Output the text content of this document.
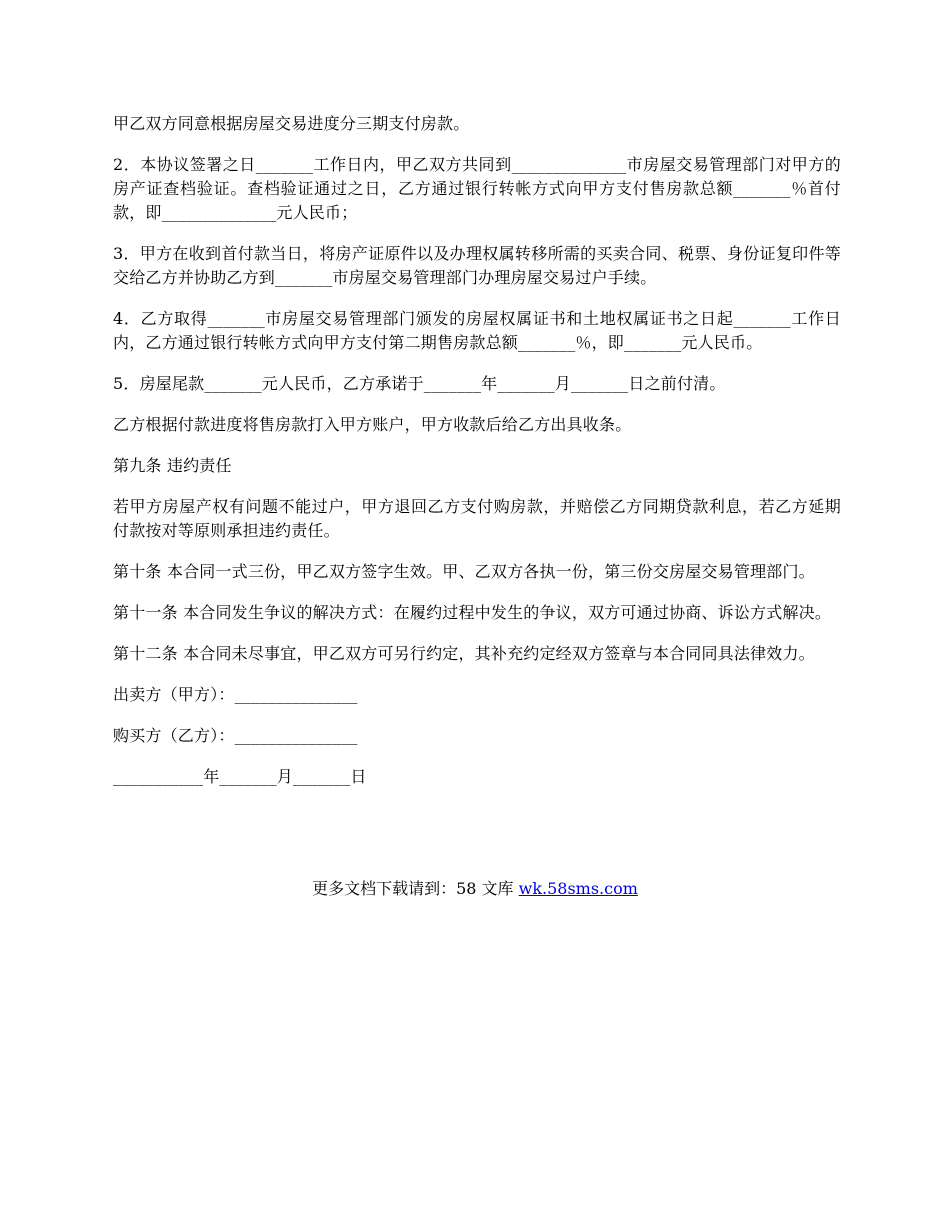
甲乙双方同意根据房屋交易进度分三期支付房款。

2．本协议签署之日_______工作日内，甲乙双方共同到______________市房屋交易管理部门对甲方的房产证查档验证。查档验证通过之日，乙方通过银行转帐方式向甲方支付售房款总额_______％首付款，即______________元人民币；

3．甲方在收到首付款当日，将房产证原件以及办理权属转移所需的买卖合同、税票、身份证复印件等交给乙方并协助乙方到_______市房屋交易管理部门办理房屋交易过户手续。

4．乙方取得_______市房屋交易管理部门颁发的房屋权属证书和土地权属证书之日起_______工作日内，乙方通过银行转帐方式向甲方支付第二期售房款总额_______％，即_______元人民币。

5．房屋尾款_______元人民币，乙方承诺于_______年_______月_______日之前付清。

乙方根据付款进度将售房款打入甲方账户，甲方收款后给乙方出具收条。

第九条 违约责任

若甲方房屋产权有问题不能过户，甲方退回乙方支付购房款，并赔偿乙方同期贷款利息，若乙方延期付款按对等原则承担违约责任。

第十条 本合同一式三份，甲乙双方签字生效。甲、乙双方各执一份，第三份交房屋交易管理部门。

第十一条 本合同发生争议的解决方式：在履约过程中发生的争议，双方可通过协商、诉讼方式解决。

第十二条 本合同未尽事宜，甲乙双方可另行约定，其补充约定经双方签章与本合同同具法律效力。

出卖方（甲方）：_______________

购买方（乙方）：_______________

___________年_______月_______日

更多文档下载请到：58 文库 wk.58sms.com
